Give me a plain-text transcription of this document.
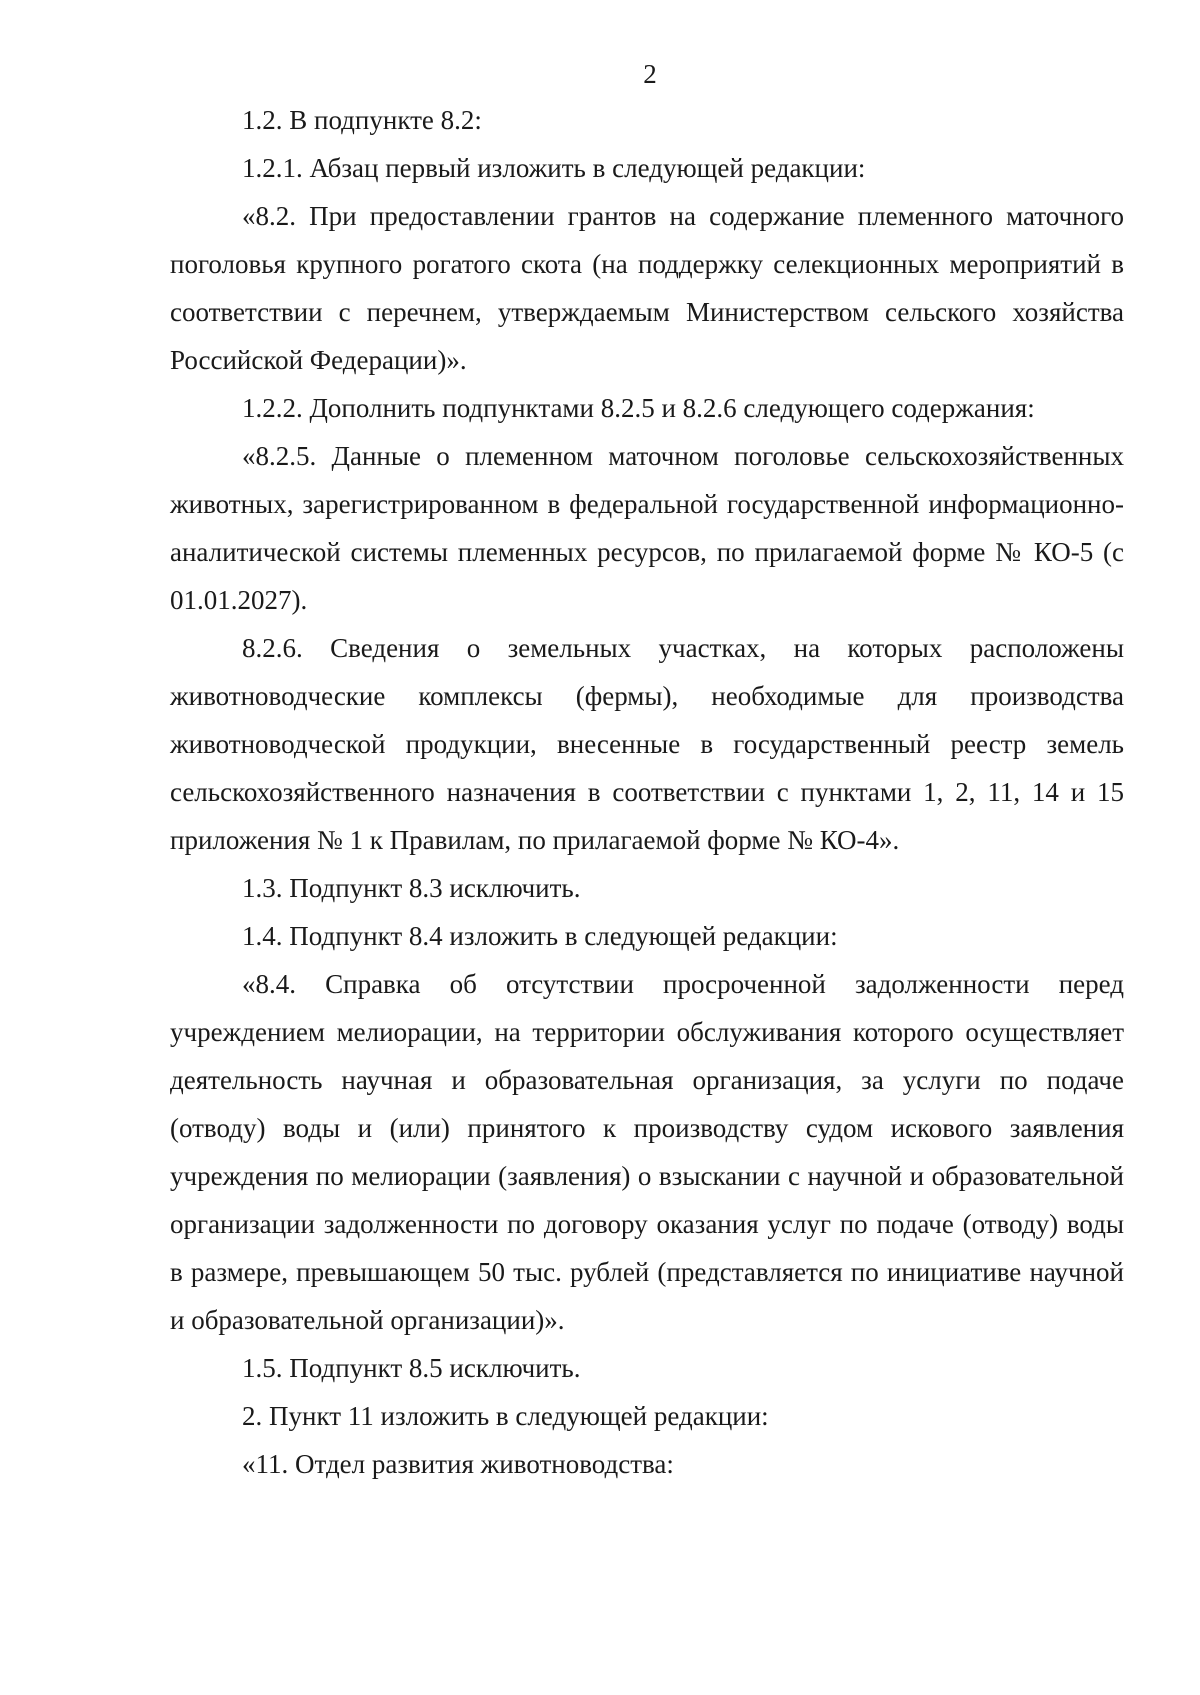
2

1.2. В подпункте 8.2:

1.2.1. Абзац первый изложить в следующей редакции:

«8.2. При предоставлении грантов на содержание племенного маточного поголовья крупного рогатого скота (на поддержку селекционных мероприятий в соответствии с перечнем, утверждаемым Министерством сельского хозяйства Российской Федерации)».

1.2.2. Дополнить подпунктами 8.2.5 и 8.2.6 следующего содержания:

«8.2.5. Данные о племенном маточном поголовье сельскохозяйственных животных, зарегистрированном в федеральной государственной информационно-аналитической системы племенных ресурсов, по прилагаемой форме № КО-5 (с 01.01.2027).

8.2.6. Сведения о земельных участках, на которых расположены животноводческие комплексы (фермы), необходимые для производства животноводческой продукции, внесенные в государственный реестр земель сельскохозяйственного назначения в соответствии с пунктами 1, 2, 11, 14 и 15 приложения № 1 к Правилам, по прилагаемой форме № КО-4».

1.3. Подпункт 8.3 исключить.

1.4. Подпункт 8.4 изложить в следующей редакции:

«8.4. Справка об отсутствии просроченной задолженности перед учреждением мелиорации, на территории обслуживания которого осуществляет деятельность научная и образовательная организация, за услуги по подаче (отводу) воды и (или) принятого к производству судом искового заявления учреждения по мелиорации (заявления) о взыскании с научной и образовательной организации задолженности по договору оказания услуг по подаче (отводу) воды в размере, превышающем 50 тыс. рублей (представляется по инициативе научной и образовательной организации)».

1.5. Подпункт 8.5 исключить.

2. Пункт 11 изложить в следующей редакции:

«11. Отдел развития животноводства:
